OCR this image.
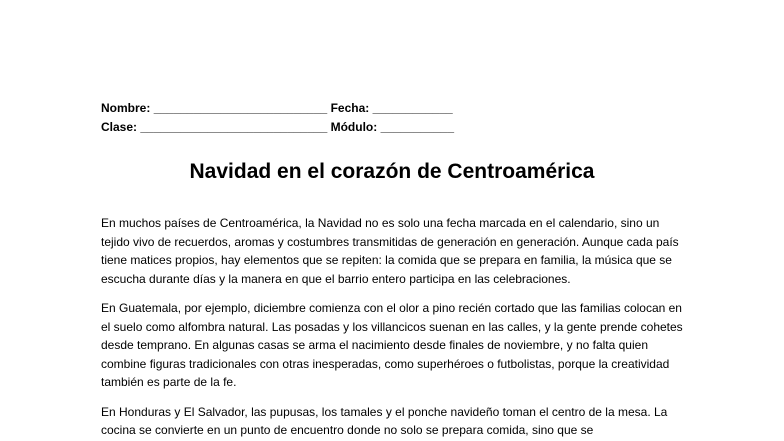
Nombre: __________________________ Fecha: ____________
Clase: ____________________________ Módulo: ___________
Navidad en el corazón de Centroamérica

En muchos países de Centroamérica, la Navidad no es solo una fecha marcada en el calendario, sino un tejido vivo de recuerdos, aromas y costumbres transmitidas de generación en generación. Aunque cada país tiene matices propios, hay elementos que se repiten: la comida que se prepara en familia, la música que se escucha durante días y la manera en que el barrio entero participa en las celebraciones.

En Guatemala, por ejemplo, diciembre comienza con el olor a pino recién cortado que las familias colocan en el suelo como alfombra natural. Las posadas y los villancicos suenan en las calles, y la gente prende cohetes desde temprano. En algunas casas se arma el nacimiento desde finales de noviembre, y no falta quien combine figuras tradicionales con otras inesperadas, como superhéroes o futbolistas, porque la creatividad también es parte de la fe.

En Honduras y El Salvador, las pupusas, los tamales y el ponche navideño toman el centro de la mesa. La cocina se convierte en un punto de encuentro donde no solo se prepara comida, sino que se
